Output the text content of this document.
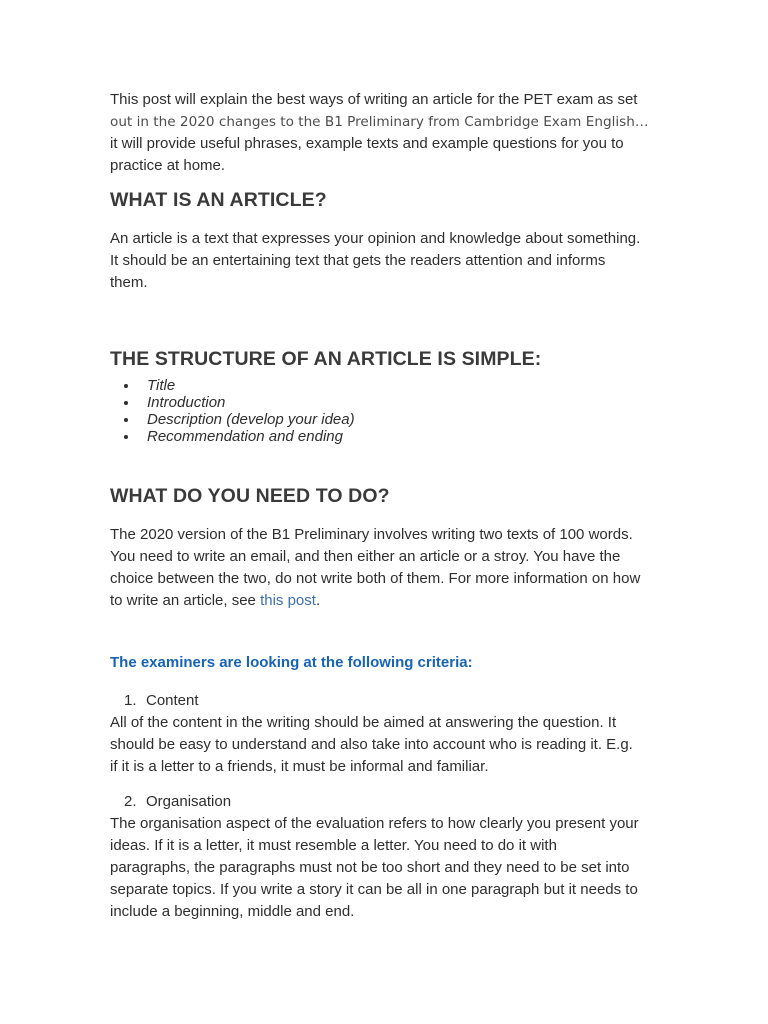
This post will explain the best ways of writing an article for the PET exam as set
out in the 2020 changes to the B1 Preliminary from Cambridge Exam English…
it will provide useful phrases, example texts and example questions for you to
practice at home.

WHAT IS AN ARTICLE?

An article is a text that expresses your opinion and knowledge about something.
It should be an entertaining text that gets the readers attention and informs
them.

THE STRUCTURE OF AN ARTICLE IS SIMPLE:
Title
Introduction
Description (develop your idea)
Recommendation and ending
WHAT DO YOU NEED TO DO?

The 2020 version of the B1 Preliminary involves writing two texts of 100 words.
You need to write an email, and then either an article or a stroy. You have the
choice between the two, do not write both of them. For more information on how
to write an article, see this post.

The examiners are looking at the following criteria:

1. Content

All of the content in the writing should be aimed at answering the question. It
should be easy to understand and also take into account who is reading it. E.g.
if it is a letter to a friends, it must be informal and familiar.

2. Organisation

The organisation aspect of the evaluation refers to how clearly you present your
ideas. If it is a letter, it must resemble a letter. You need to do it with
paragraphs, the paragraphs must not be too short and they need to be set into
separate topics. If you write a story it can be all in one paragraph but it needs to
include a beginning, middle and end.
